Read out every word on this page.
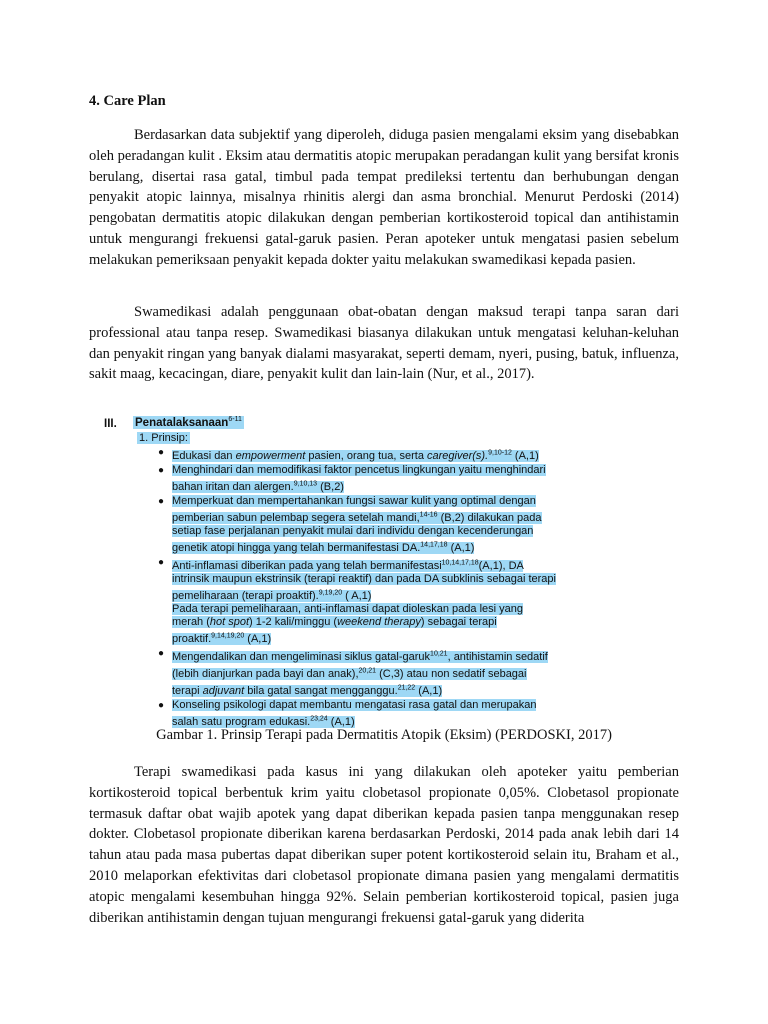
4. Care Plan

Berdasarkan data subjektif yang diperoleh, diduga pasien mengalami eksim yang disebabkan oleh peradangan kulit . Eksim atau dermatitis atopic merupakan peradangan kulit yang bersifat kronis berulang, disertai rasa gatal, timbul pada tempat predileksi tertentu dan berhubungan dengan penyakit atopic lainnya, misalnya rhinitis alergi dan asma bronchial. Menurut Perdoski (2014) pengobatan dermatitis atopic dilakukan dengan pemberian kortikosteroid topical dan antihistamin untuk mengurangi frekuensi gatal-garuk pasien. Peran apoteker untuk mengatasi pasien sebelum melakukan pemeriksaan penyakit kepada dokter yaitu melakukan swamedikasi kepada pasien.

Swamedikasi adalah penggunaan obat-obatan dengan maksud terapi tanpa saran dari professional atau tanpa resep. Swamedikasi biasanya dilakukan untuk mengatasi keluhan-keluhan dan penyakit ringan yang banyak dialami masyarakat, seperti demam, nyeri, pusing, batuk, influenza, sakit maag, kecacingan, diare, penyakit kulit dan lain-lain (Nur, et al., 2017).

III. Penatalaksanaan$^{6-11}$
1. Prinsip:
● Edukasi dan empowerment pasien, orang tua, serta caregiver(s).$^{9,10-12}$ (A,1)
● Menghindari dan memodifikasi faktor pencetus lingkungan yaitu menghindari bahan iritan dan alergen.$^{9,10,13}$ (B,2)
● Memperkuat dan mempertahankan fungsi sawar kulit yang optimal dengan pemberian sabun pelembap segera setelah mandi,$^{14-16}$ (B,2) dilakukan pada setiap fase perjalanan penyakit mulai dari individu dengan kecenderungan genetik atopi hingga yang telah bermanifestasi DA.$^{14,17,18}$ (A,1)
● Anti-inflamasi diberikan pada yang telah bermanifestasi$^{10,14,17,18}$(A,1), DA intrinsik maupun ekstrinsik (terapi reaktif) dan pada DA subklinis sebagai terapi pemeliharaan (terapi proaktif).$^{9,19,20}$ ( A,1)
Pada terapi pemeliharaan, anti-inflamasi dapat dioleskan pada lesi yang merah (hot spot) 1-2 kali/minggu (weekend therapy) sebagai terapi proaktif.$^{9,14,19,20}$ (A,1)
● Mengendalikan dan mengeliminasi siklus gatal-garuk$^{10,21}$, antihistamin sedatif (lebih dianjurkan pada bayi dan anak),$^{20,21}$ (C,3) atau non sedatif sebagai terapi adjuvant bila gatal sangat mengganggu.$^{21,22}$ (A,1)
● Konseling psikologi dapat membantu mengatasi rasa gatal dan merupakan salah satu program edukasi.$^{23,24}$ (A,1)
Gambar 1. Prinsip Terapi pada Dermatitis Atopik (Eksim) (PERDOSKI, 2017)

Terapi swamedikasi pada kasus ini yang dilakukan oleh apoteker yaitu pemberian kortikosteroid topical berbentuk krim yaitu clobetasol propionate 0,05%. Clobetasol propionate termasuk daftar obat wajib apotek yang dapat diberikan kepada pasien tanpa menggunakan resep dokter. Clobetasol propionate diberikan karena berdasarkan Perdoski, 2014 pada anak lebih dari 14 tahun atau pada masa pubertas dapat diberikan super potent kortikosteroid selain itu, Braham et al., 2010 melaporkan efektivitas dari clobetasol propionate dimana pasien yang mengalami dermatitis atopic mengalami kesembuhan hingga 92%. Selain pemberian kortikosteroid topical, pasien juga diberikan antihistamin dengan tujuan mengurangi frekuensi gatal-garuk yang diderita
